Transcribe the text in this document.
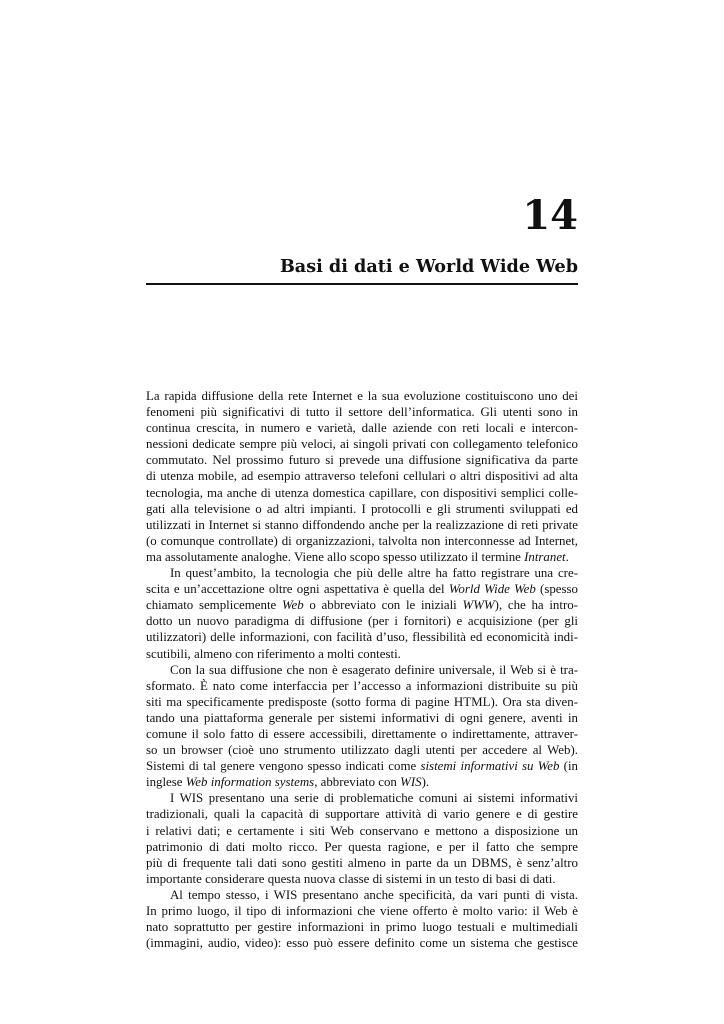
14
Basi di dati e World Wide Web
La rapida diffusione della rete Internet e la sua evoluzione costituiscono uno dei
fenomeni più significativi di tutto il settore dell’informatica. Gli utenti sono in
continua crescita, in numero e varietà, dalle aziende con reti locali e intercon-
nessioni dedicate sempre più veloci, ai singoli privati con collegamento telefonico
commutato. Nel prossimo futuro si prevede una diffusione significativa da parte
di utenza mobile, ad esempio attraverso telefoni cellulari o altri dispositivi ad alta
tecnologia, ma anche di utenza domestica capillare, con dispositivi semplici colle-
gati alla televisione o ad altri impianti. I protocolli e gli strumenti sviluppati ed
utilizzati in Internet si stanno diffondendo anche per la realizzazione di reti private
(o comunque controllate) di organizzazioni, talvolta non interconnesse ad Internet,
ma assolutamente analoghe. Viene allo scopo spesso utilizzato il termine Intranet.
In quest’ambito, la tecnologia che più delle altre ha fatto registrare una cre-
scita e un’accettazione oltre ogni aspettativa è quella del World Wide Web (spesso
chiamato semplicemente Web o abbreviato con le iniziali WWW), che ha intro-
dotto un nuovo paradigma di diffusione (per i fornitori) e acquisizione (per gli
utilizzatori) delle informazioni, con facilità d’uso, flessibilità ed economicità indi-
scutibili, almeno con riferimento a molti contesti.
Con la sua diffusione che non è esagerato definire universale, il Web si è tra-
sformato. È nato come interfaccia per l’accesso a informazioni distribuite su più
siti ma specificamente predisposte (sotto forma di pagine HTML). Ora sta diven-
tando una piattaforma generale per sistemi informativi di ogni genere, aventi in
comune il solo fatto di essere accessibili, direttamente o indirettamente, attraver-
so un browser (cioè uno strumento utilizzato dagli utenti per accedere al Web).
Sistemi di tal genere vengono spesso indicati come sistemi informativi su Web (in
inglese Web information systems, abbreviato con WIS).
I WIS presentano una serie di problematiche comuni ai sistemi informativi
tradizionali, quali la capacità di supportare attività di vario genere e di gestire
i relativi dati; e certamente i siti Web conservano e mettono a disposizione un
patrimonio di dati molto ricco. Per questa ragione, e per il fatto che sempre
più di frequente tali dati sono gestiti almeno in parte da un DBMS, è senz’altro
importante considerare questa nuova classe di sistemi in un testo di basi di dati.
Al tempo stesso, i WIS presentano anche specificità, da vari punti di vista.
In primo luogo, il tipo di informazioni che viene offerto è molto vario: il Web è
nato soprattutto per gestire informazioni in primo luogo testuali e multimediali
(immagini, audio, video): esso può essere definito come un sistema che gestisce
